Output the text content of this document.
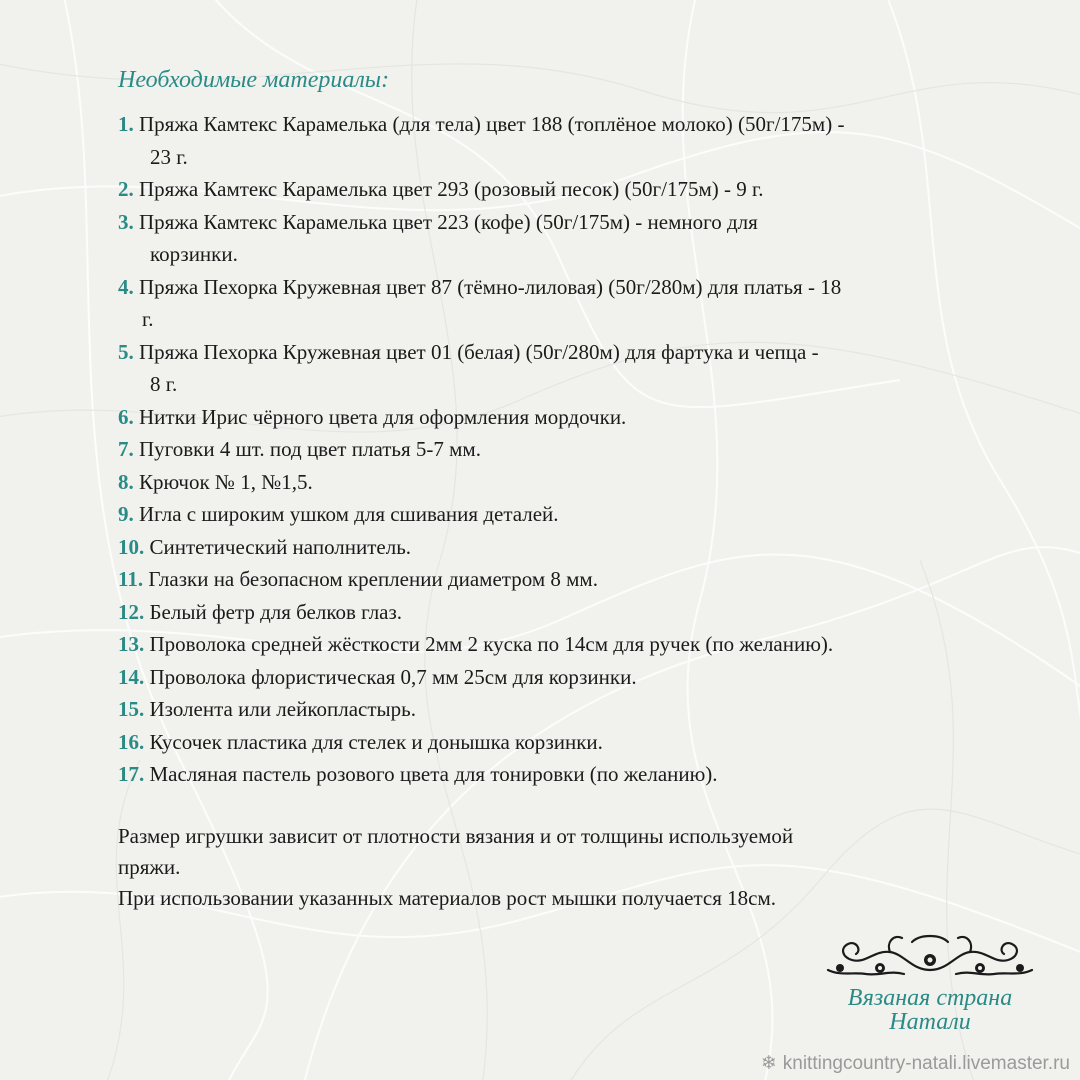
Необходимые материалы:
1. Пряжа Камтекс Карамелька (для тела) цвет 188 (топлёное молоко) (50г/175м) -
23 г.
2. Пряжа Камтекс Карамелька цвет 293 (розовый песок) (50г/175м) - 9 г.
3. Пряжа Камтекс Карамелька цвет 223 (кофе) (50г/175м) - немного для
корзинки.
4. Пряжа Пехорка Кружевная цвет 87 (тёмно-лиловая) (50г/280м) для платья - 18
г.
5. Пряжа Пехорка Кружевная цвет 01 (белая) (50г/280м) для фартука и чепца -
8 г.
6. Нитки Ирис чёрного цвета для оформления мордочки.
7. Пуговки 4 шт. под цвет платья 5-7 мм.
8. Крючок № 1, №1,5.
9. Игла с широким ушком для сшивания деталей.
10. Синтетический наполнитель.
11. Глазки на безопасном креплении диаметром 8 мм.
12. Белый фетр для белков глаз.
13. Проволока средней жёсткости 2мм 2 куска по 14см для ручек (по желанию).
14. Проволока флористическая 0,7 мм 25см для корзинки.
15. Изолента или лейкопластырь.
16. Кусочек пластика для стелек и донышка корзинки.
17. Масляная пастель розового цвета для тонировки (по желанию).

Размер игрушки зависит от плотности вязания и от толщины используемой

пряжи.

При использовании указанных материалов рост мышки получается 18см.

Вязаная страна
Натали
❄ knittingcountry-natali.livemaster.ru
